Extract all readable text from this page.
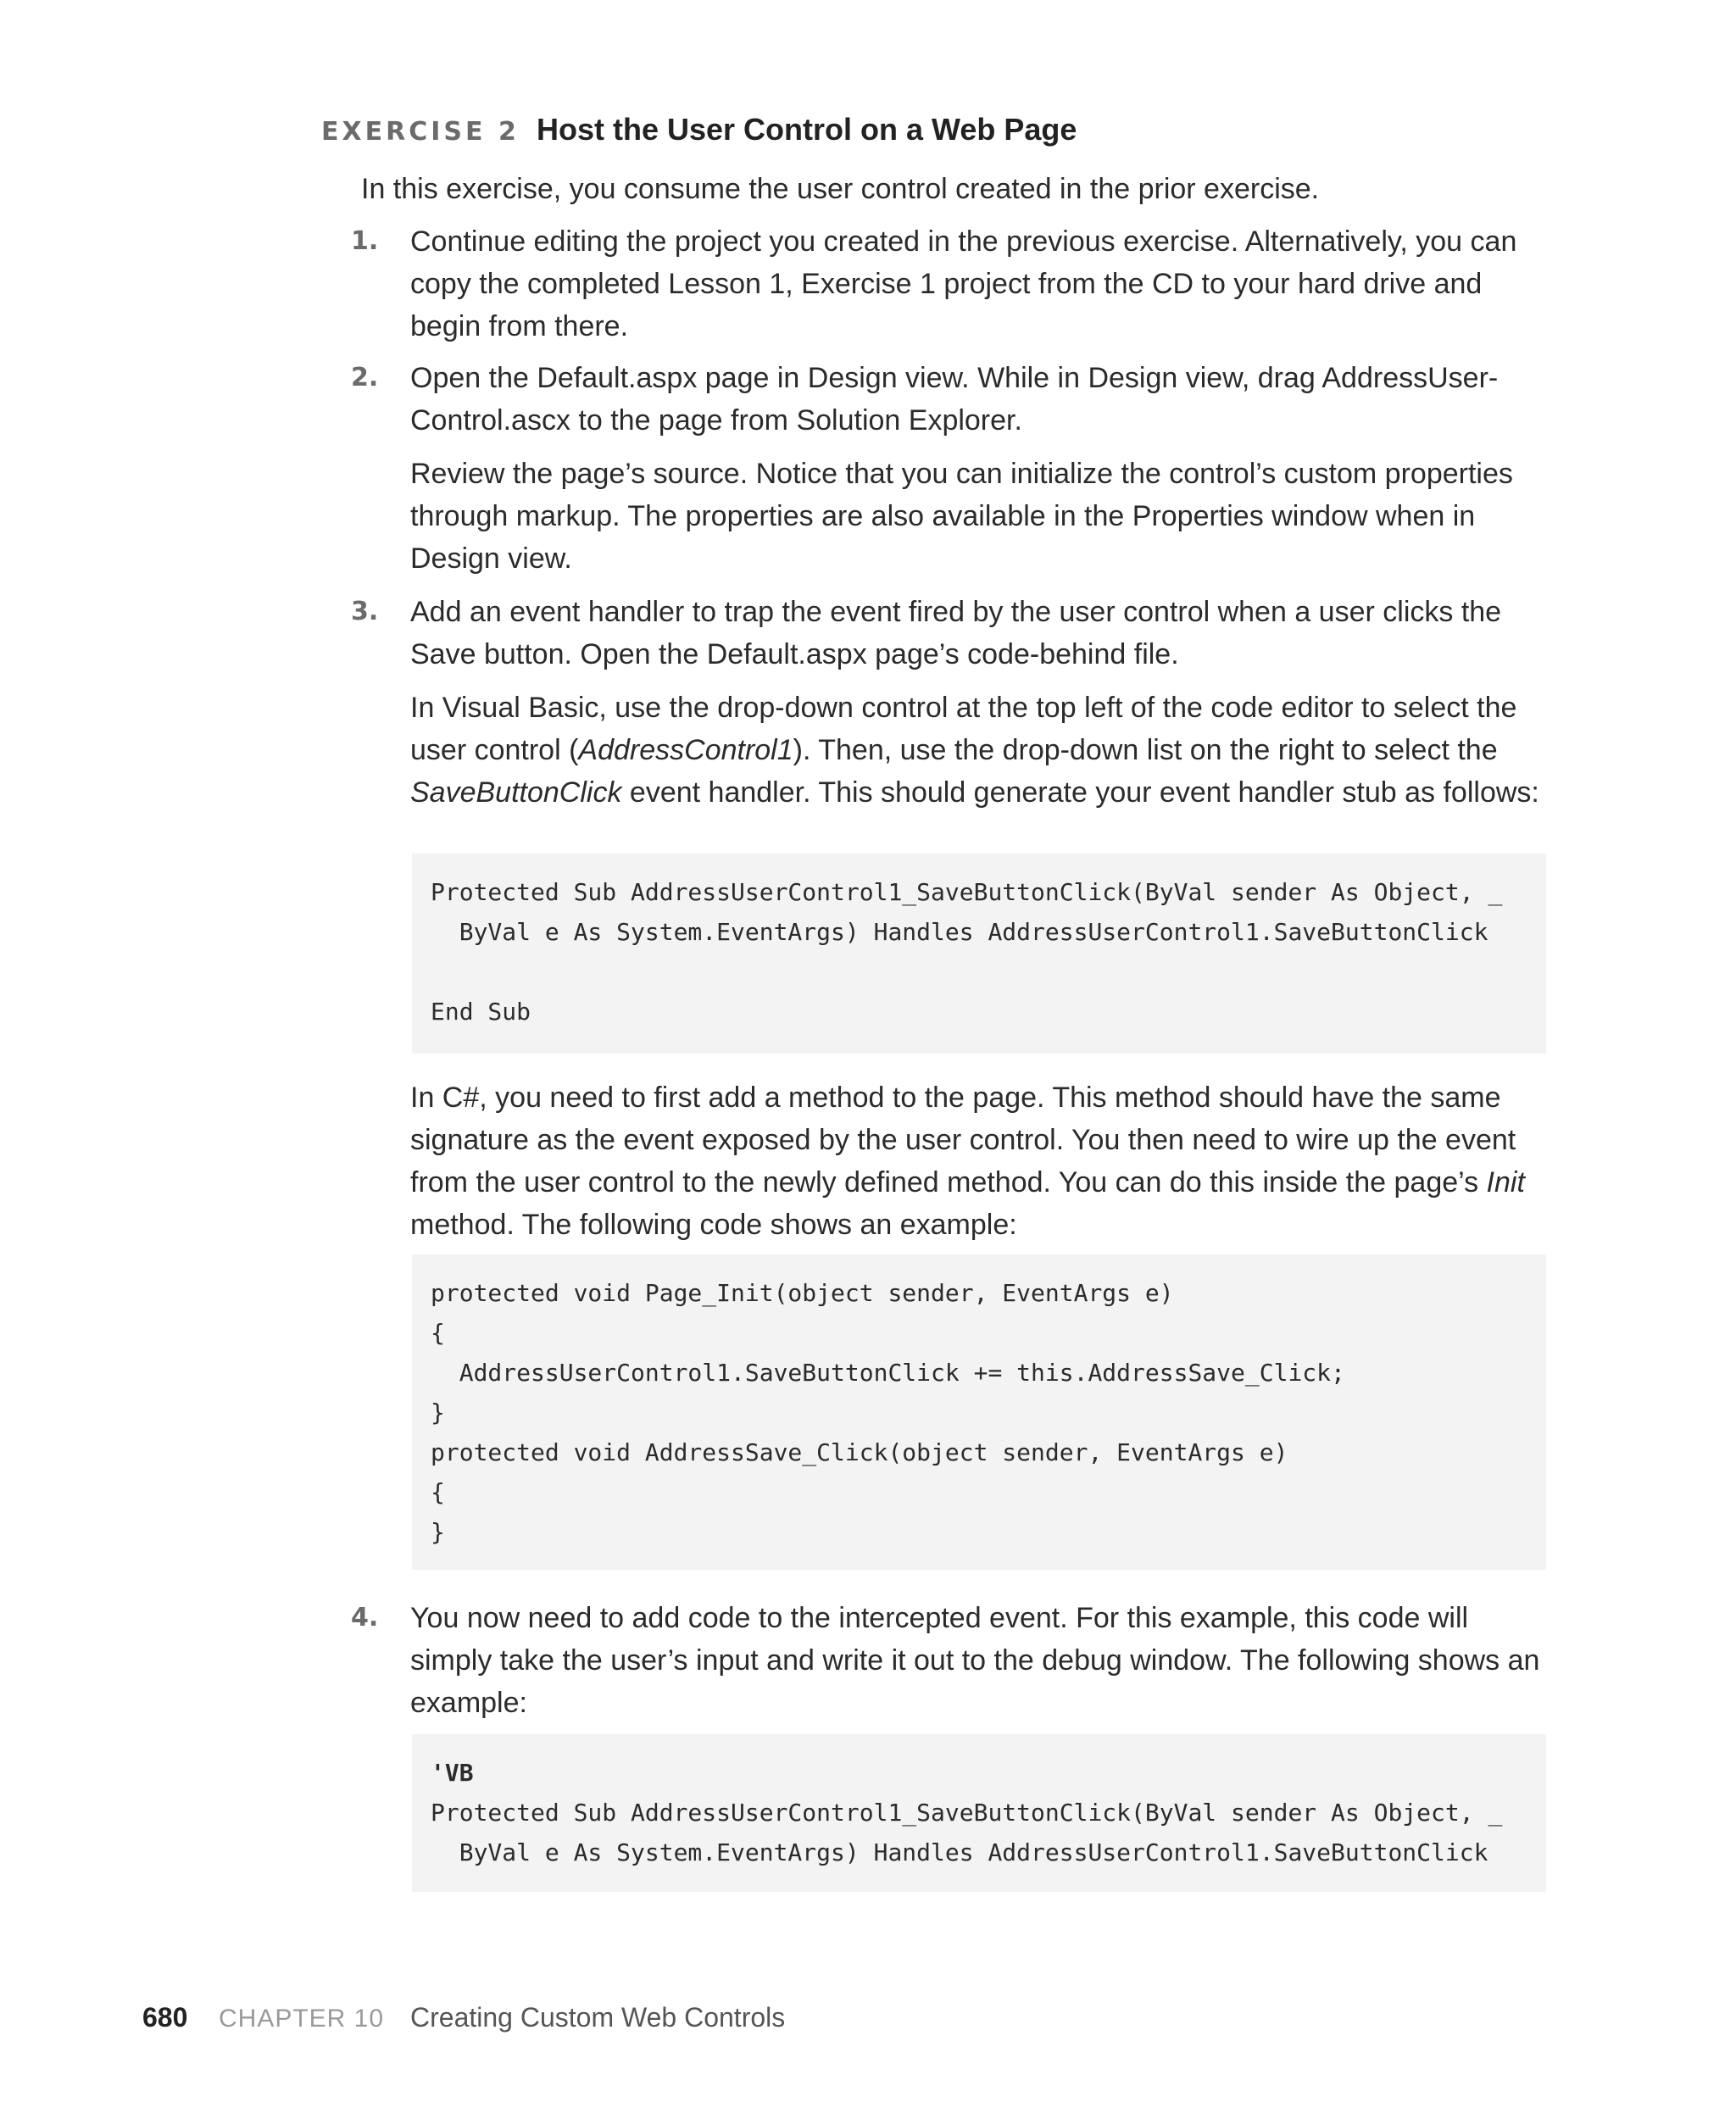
EXERCISE 2 Host the User Control on a Web Page
In this exercise, you consume the user control created in the prior exercise.
1.	Continue editing the project you created in the previous exercise. Alternatively, you can copy the completed Lesson 1, Exercise 1 project from the CD to your hard drive and begin from there.
2.	Open the Default.aspx page in Design view. While in Design view, drag AddressUser-Control.ascx to the page from Solution Explorer.
Review the page’s source. Notice that you can initialize the control’s custom properties through markup. The properties are also available in the Properties window when in Design view.
3.	Add an event handler to trap the event fired by the user control when a user clicks the Save button. Open the Default.aspx page’s code-behind file.
In Visual Basic, use the drop-down control at the top left of the code editor to select the user control (AddressControl1). Then, use the drop-down list on the right to select the SaveButtonClick event handler. This should generate your event handler stub as follows:
Protected Sub AddressUserControl1_SaveButtonClick(ByVal sender As Object, _
ByVal e As System.EventArgs) Handles AddressUserControl1.SaveButtonClick
End Sub
In C#, you need to first add a method to the page. This method should have the same signature as the event exposed by the user control. You then need to wire up the event from the user control to the newly defined method. You can do this inside the page’s Init method. The following code shows an example:
protected void Page_Init(object sender, EventArgs e)
{
AddressUserControl1.SaveButtonClick += this.AddressSave_Click;
}
protected void AddressSave_Click(object sender, EventArgs e)
{
}
4.	You now need to add code to the intercepted event. For this example, this code will simply take the user’s input and write it out to the debug window. The following shows an example:
'VB
Protected Sub AddressUserControl1_SaveButtonClick(ByVal sender As Object, _
ByVal e As System.EventArgs) Handles AddressUserControl1.SaveButtonClick
680	CHAPTER 10 Creating Custom Web Controls
